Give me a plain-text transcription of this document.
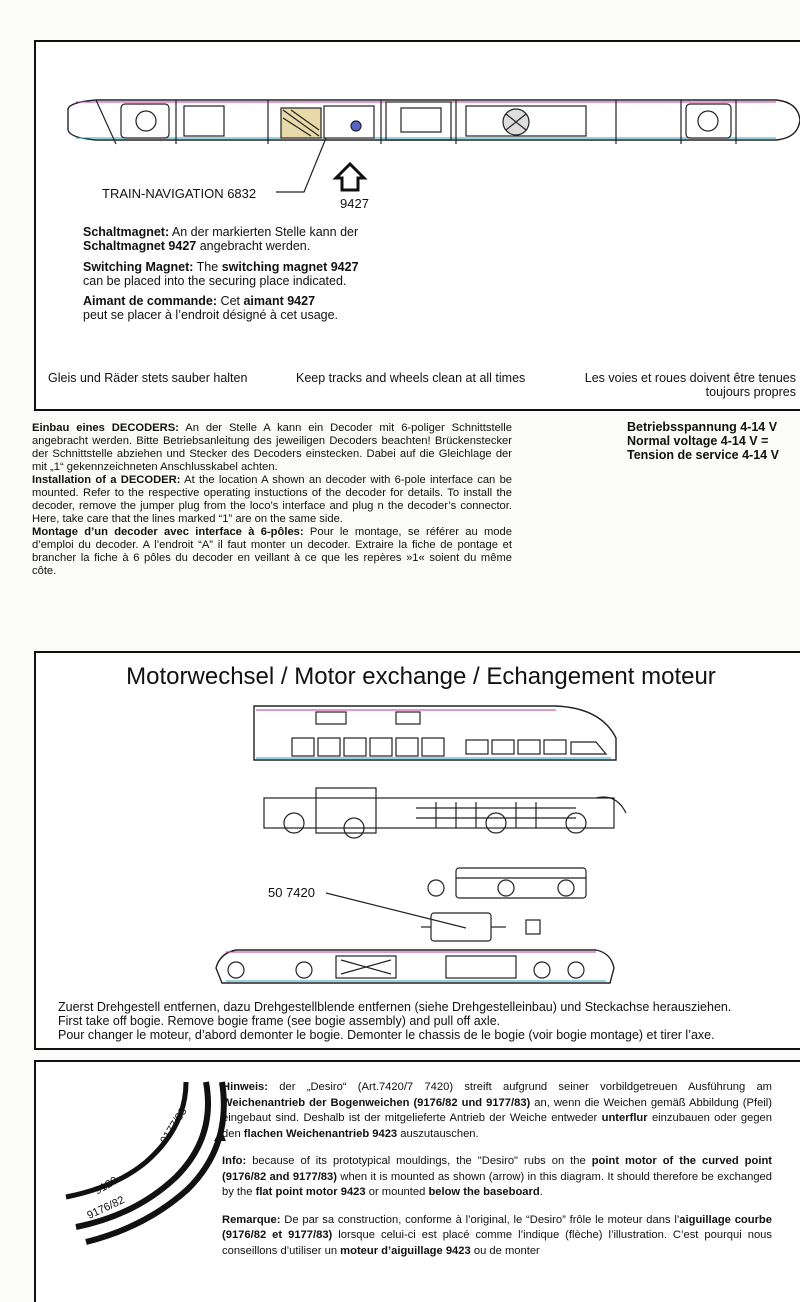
TRAIN-NAVIGATION 6832
9427
Schaltmagnet: An der markierten Stelle kann der
Schaltmagnet 9427 angebracht werden.
Switching Magnet: The switching magnet 9427
can be placed into the securing place indicated.
Aimant de commande: Cet aimant 9427
peut se placer à l’endroit désigné à cet usage.
Gleis und Räder stets sauber halten	Keep tracks and wheels clean at all times	Les voies et roues doivent être tenues
toujours propres
Einbau eines DECODERS: An der Stelle A kann ein Decoder mit 6-poliger Schnittstelle angebracht werden. Bitte Betriebsanleitung des jeweiligen Decoders beachten! Brückenstecker der Schnittstelle abziehen und Stecker des Decoders einstecken. Dabei auf die Gleichlage der mit „1“ gekennzeichneten Anschlusskabel achten.
Installation of a DECODER: At the location A shown an decoder with 6-pole interface can be mounted. Refer to the respective operating instuctions of the decoder for details. To install the decoder, remove the jumper plug from the loco’s interface and plug n the decoder’s connector. Here, take care that the lines marked “1” are on the same side.
Montage d’un decoder avec interface à 6-pôles: Pour le montage, se référer au mode d’emploi du decoder. A l’endroit “A” il faut monter un decoder. Extraire la fiche de pontage et brancher la fiche à 6 pôles du decoder en veillant à ce que les repères »1« soient du même côte.
Betriebsspannung 4-14 V
Normal voltage 4-14 V =
Tension de service 4-14 V
Motorwechsel / Motor exchange / Echangement moteur
50 7420
Zuerst Drehgestell entfernen, dazu Drehgestellblende entfernen (siehe Drehgestelleinbau) und Steckachse herausziehen.
First take off bogie. Remove bogie frame (see bogie assembly) and pull off axle.
Pour changer le moteur, d’abord demonter le bogie. Demonter le chassis de le bogie (voir bogie montage) et tirer l’axe.
9177/83
9120
9176/82
Hinweis: der „Desiro“ (Art.7420/7 7420) streift aufgrund seiner vorbildgetreuen Ausführung am Weichenantrieb der Bogenweichen (9176/82 und 9177/83) an, wenn die Weichen gemäß Abbildung (Pfeil) eingebaut sind. Deshalb ist der mitgelieferte Antrieb der Weiche entweder unterflur einzubauen oder gegen den flachen Weichenantrieb 9423 auszutauschen.
Info: because of its prototypical mouldings, the "Desiro" rubs on the point motor of the curved point (9176/82 and 9177/83) when it is mounted as shown (arrow) in this diagram. It should therefore be exchanged by the flat point motor 9423 or mounted below the baseboard.
Remarque: De par sa construction, conforme à l’original, le “Desiro” frôle le moteur dans l’aiguillage courbe (9176/82 et 9177/83) lorsque celui-ci est placé comme l’indique (flèche) l’illustration. C’est pourqui nous conseillons d’utiliser un moteur d’aiguillage 9423 ou de monter
